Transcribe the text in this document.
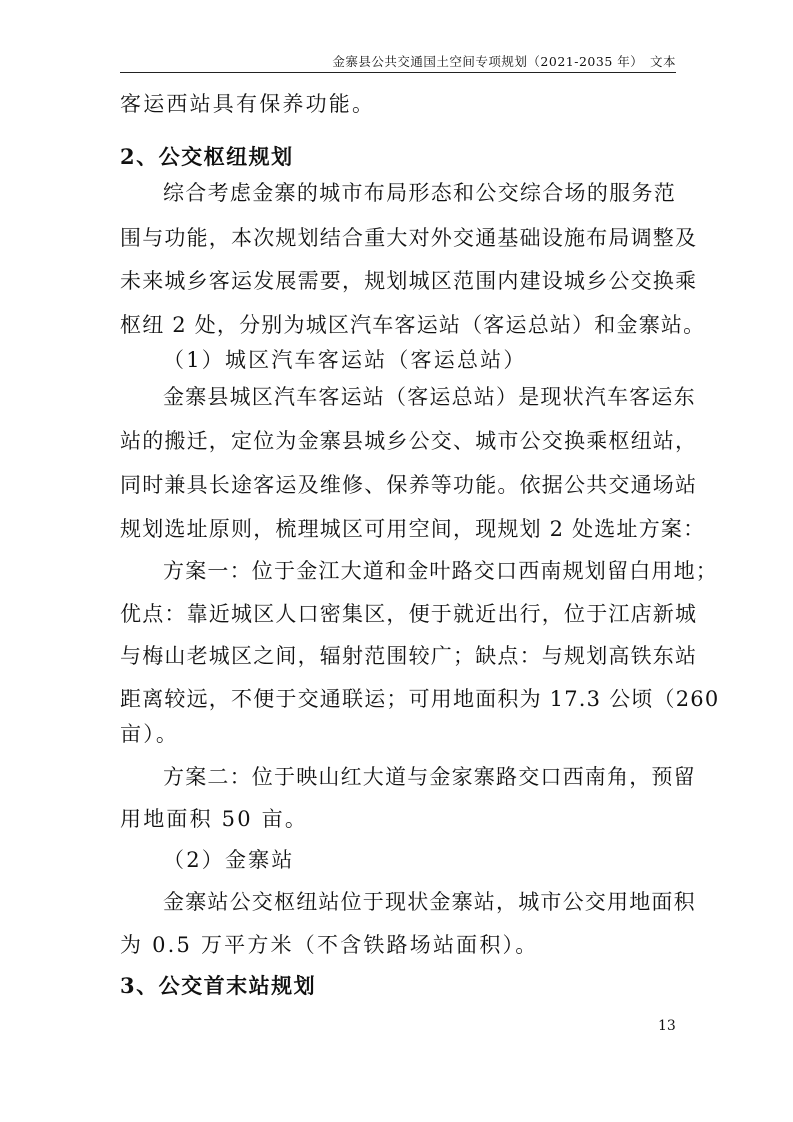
金寨县公共交通国土空间专项规划（2021-2035 年）　文本
客运西站具有保养功能。
2、公交枢纽规划
综合考虑金寨的城市布局形态和公交综合场的服务范
围与功能，本次规划结合重大对外交通基础设施布局调整及
未来城乡客运发展需要，规划城区范围内建设城乡公交换乘
枢纽 2 处，分别为城区汽车客运站（客运总站）和金寨站。
（1）城区汽车客运站（客运总站）
金寨县城区汽车客运站（客运总站）是现状汽车客运东
站的搬迁，定位为金寨县城乡公交、城市公交换乘枢纽站，
同时兼具长途客运及维修、保养等功能。依据公共交通场站
规划选址原则，梳理城区可用空间，现规划 2 处选址方案：
方案一：位于金江大道和金叶路交口西南规划留白用地；
优点：靠近城区人口密集区，便于就近出行，位于江店新城
与梅山老城区之间，辐射范围较广；缺点：与规划高铁东站
距离较远，不便于交通联运；可用地面积为 17.3 公顷（260
亩）。
方案二：位于映山红大道与金家寨路交口西南角，预留
用地面积 50 亩。
（2）金寨站
金寨站公交枢纽站位于现状金寨站，城市公交用地面积
为 0.5 万平方米（不含铁路场站面积）。
3、公交首末站规划
13
